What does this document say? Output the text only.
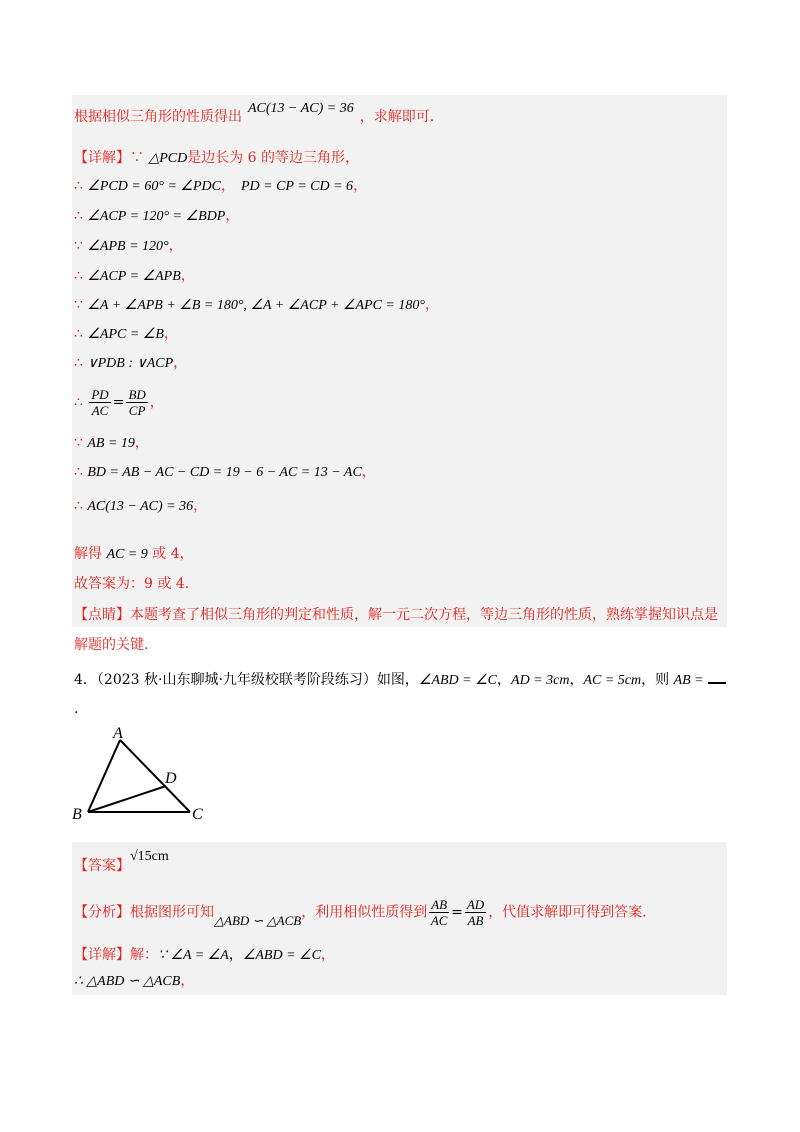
根据相似三角形的性质得出AC(13 − AC) = 36，求解即可.
【详解】∵ △PCD是边长为 6 的等边三角形，
∴ ∠PCD = 60° = ∠PDC， PD = CP = CD = 6，
∴ ∠ACP = 120° = ∠BDP，
∵ ∠APB = 120°，
∴ ∠ACP = ∠APB，
∵ ∠A + ∠APB + ∠B = 180°, ∠A + ∠ACP + ∠APC = 180°，
∴ ∠APC = ∠B，
∴ ∨PDB : ∨ACP，
∴ $\frac{PD}{AC} = \frac{BD}{CP}$ ，
∵ AB = 19，
∴ BD = AB − AC − CD = 19 − 6 − AC = 13 − AC，
∴ AC(13 − AC) = 36，
解得 AC = 9 或 4，
故答案为：9 或 4.
【点睛】本题考查了相似三角形的判定和性质，解一元二次方程，等边三角形的性质，熟练掌握知识点是
解题的关键.
4．（2023 秋·山东聊城·九年级校联考阶段练习）如图，∠ABD = ∠C，AD = 3cm，AC = 5cm，则 AB =
.
A
D
B	C
【答案】√15cm
【分析】根据图形可知△ABD ∽ △ACB，利用相似性质得到 $\frac{AB}{AC} = \frac{AD}{AB}$ ，代值求解即可得到答案.
【详解】解：∵ ∠A = ∠A，∠ABD = ∠C，
∴ △ABD ∽ △ACB，
